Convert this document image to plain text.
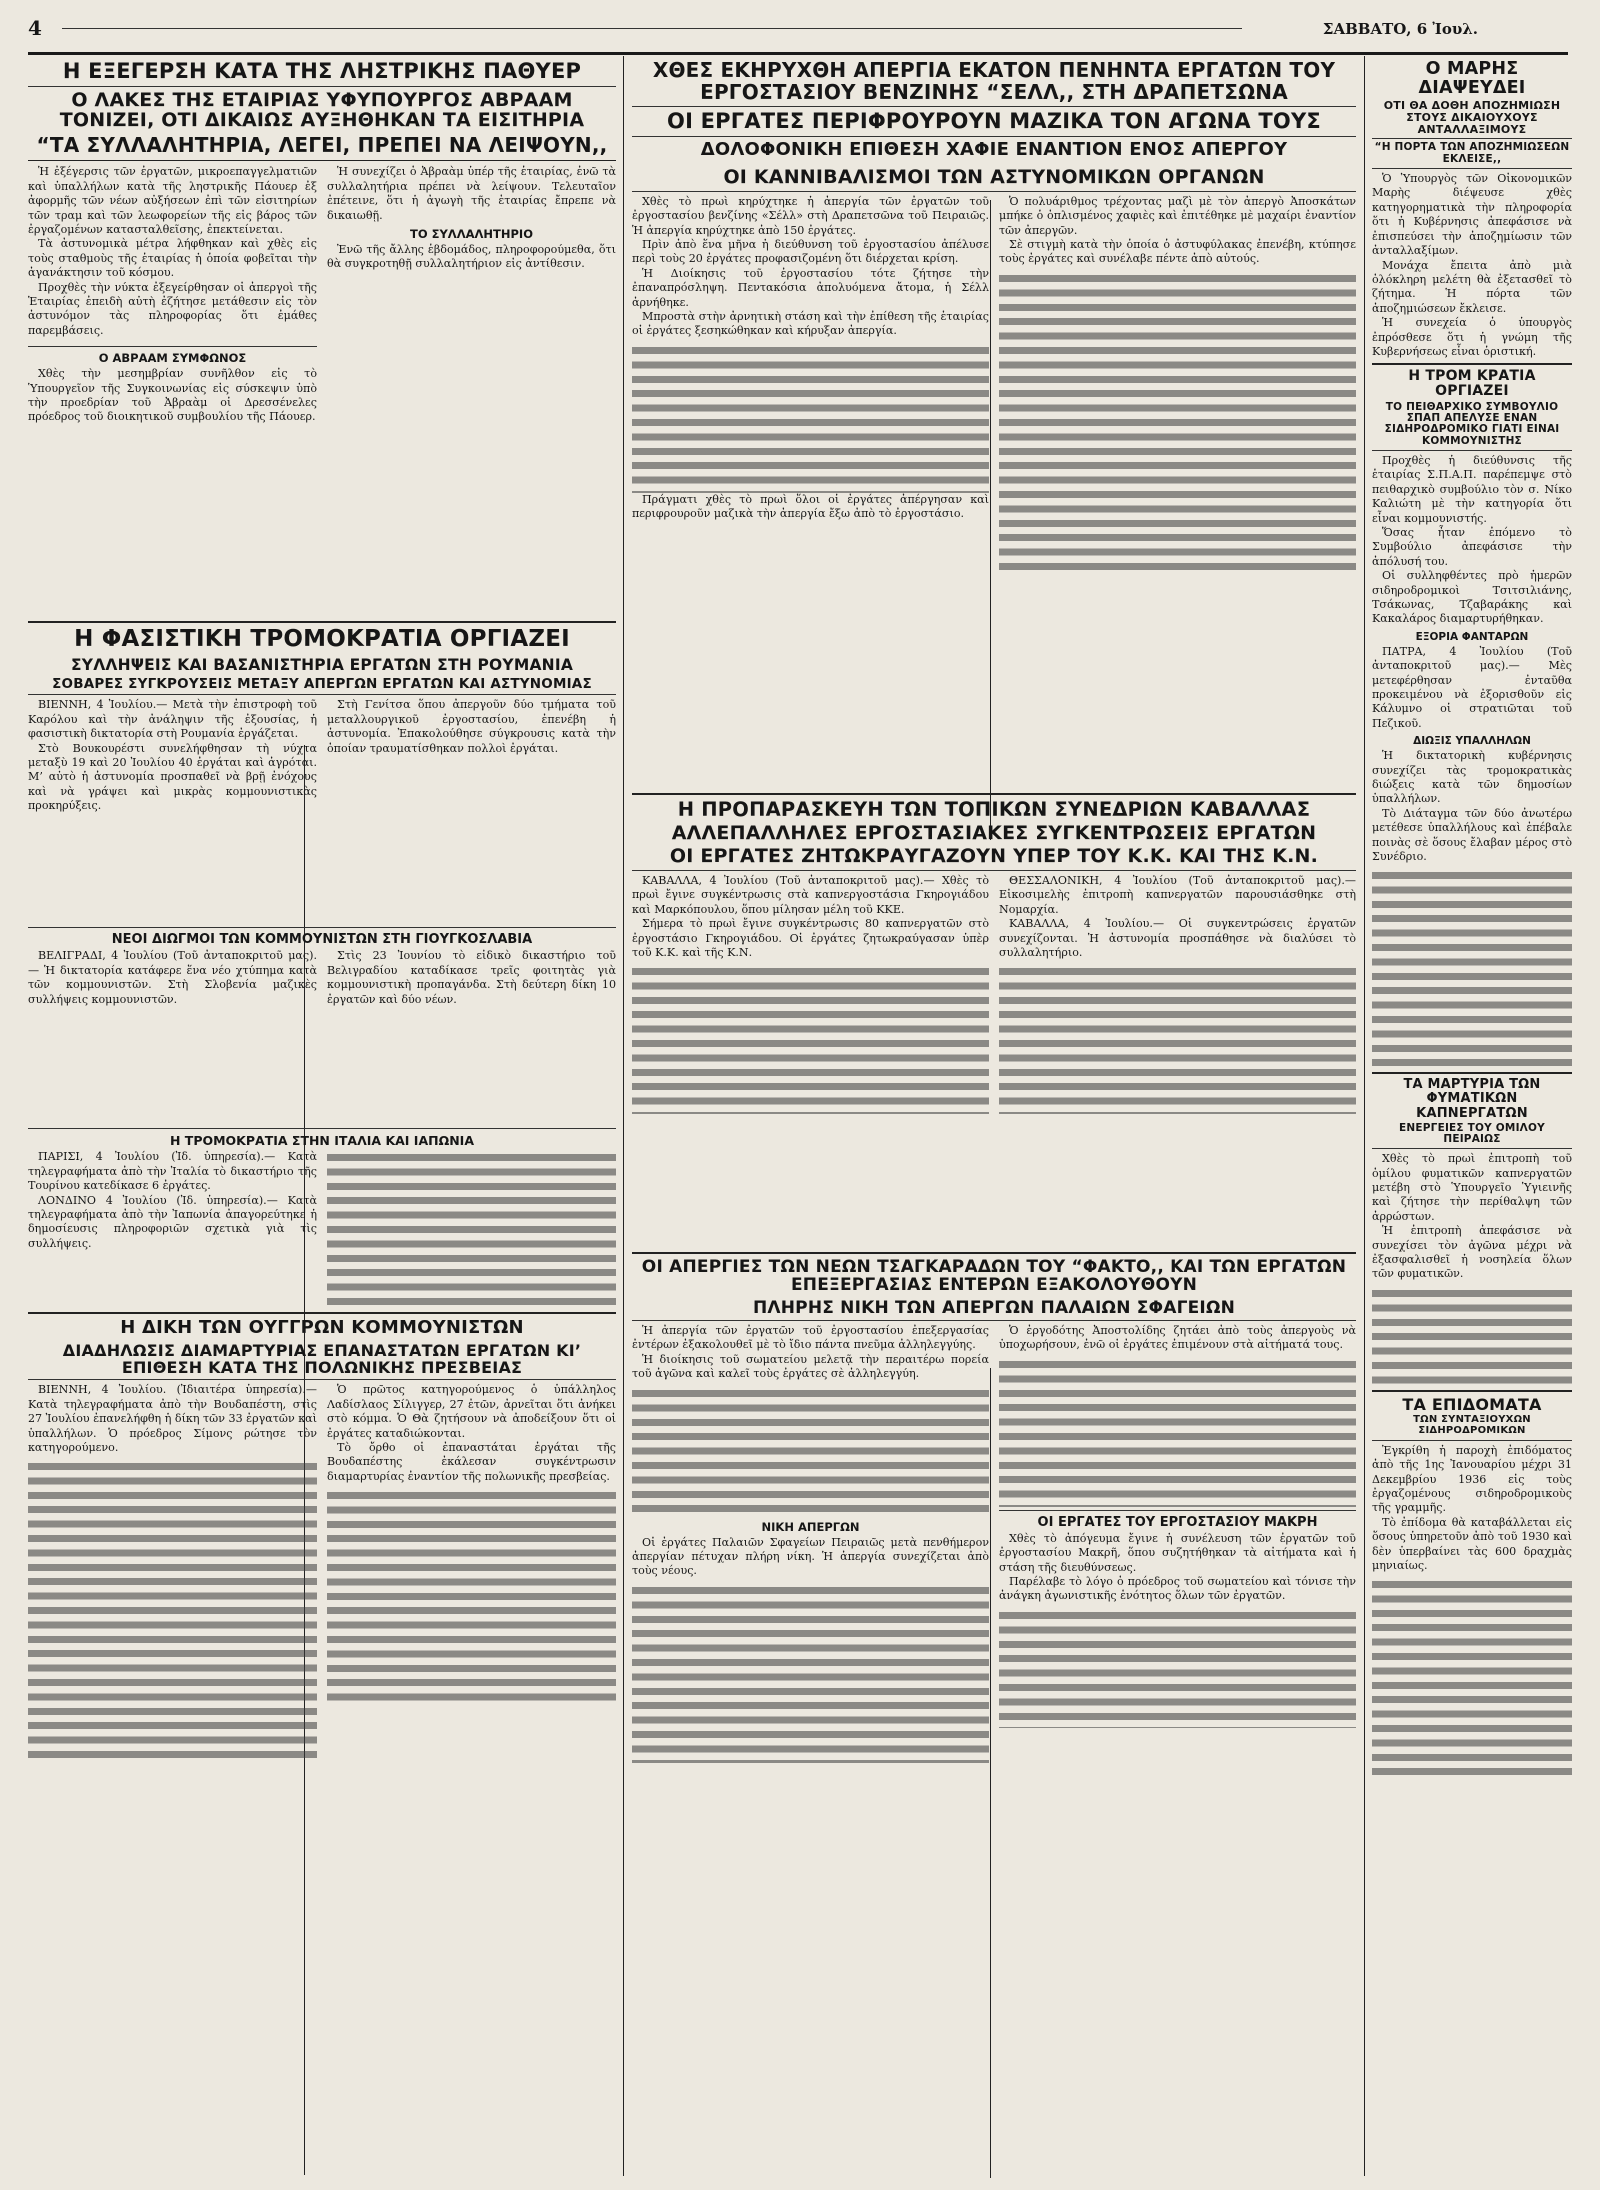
4	ΣΑΒΒΑΤΟ, 6 Ἰουλ.

Η ΕΞΕΓΕΡΣΗ ΚΑΤΑ ΤΗΣ ΛΗΣΤΡΙΚΗΣ ΠΑΘΥΕΡ

Ο ΛΑΚΕΣ ΤΗΣ ΕΤΑΙΡΙΑΣ ΥΦΥΠΟΥΡΓΟΣ ΑΒΡΑΑΜ ΤΟΝΙΖΕΙ, ΟΤΙ ΔΙΚΑΙΩΣ ΑΥΞΗΘΗΚΑΝ ΤΑ ΕΙΣΙΤΗΡΙΑ

“ΤΑ ΣΥΛΛΑΛΗΤΗΡΙΑ, ΛΕΓΕΙ, ΠΡΕΠΕΙ ΝΑ ΛΕΙΨΟΥΝ,,

Ἡ ἐξέγερσις τῶν ἐργατῶν, μικροεπαγγελματιῶν καὶ ὑπαλλήλων κατὰ τῆς ληστρικῆς Πάουερ ἐξ ἀφορμῆς τῶν νέων αὐξήσεων ἐπὶ τῶν εἰσιτηρίων τῶν τραμ καὶ τῶν λεωφορείων τῆς εἰς βάρος τῶν ἐργαζομένων κατασταλθεῖσης, ἐπεκτείνεται.

Τὰ ἀστυνομικὰ μέτρα λήφθηκαν καὶ χθὲς εἰς τοὺς σταθμοὺς τῆς ἑταιρίας ἡ ὁποία φοβεῖται τὴν ἀγανάκτησιν τοῦ κόσμου.

Προχθὲς τὴν νύκτα ἐξεγείρθησαν οἱ ἀπεργοὶ τῆς Ἑταιρίας ἐπειδὴ αὐτὴ ἐζήτησε μετάθεσιν εἰς τὸν ἀστυνόμον τὰς πληροφορίας ὅτι ἐμάθες παρεμβάσεις.

Ο ΑΒΡΑΑΜ ΣΥΜΦΩΝΟΣ

Χθὲς τὴν μεσημβρίαν συνῆλθον εἰς τὸ Ὑπουργεῖον τῆς Συγκοινωνίας εἰς σύσκεψιν ὑπὸ τὴν προεδρίαν τοῦ Ἀβραὰμ οἱ Δρεσσένελες πρόεδρος τοῦ διοικητικοῦ συμβουλίου τῆς Πάουερ.

Ἡ συνεχίζει ὁ Ἀβραὰμ ὑπέρ τῆς ἑταιρίας, ἐνῶ τὰ συλλαλητήρια πρέπει νὰ λείψουν. Τελευταῖον ἐπέτεινε, ὅτι ἡ ἀγωγὴ τῆς ἑταιρίας ἔπρεπε νὰ δικαιωθῇ.

ΤΟ ΣΥΛΛΑΛΗΤΗΡΙΟ

Ἐνῶ τῆς ἄλλης ἑβδομάδος, πληροφορούμεθα, ὅτι θὰ συγκροτηθῇ συλλαλητήριον εἰς ἀντίθεσιν.

Η ΦΑΣΙΣΤΙΚΗ ΤΡΟΜΟΚΡΑΤΙΑ ΟΡΓΙΑΖΕΙ

ΣΥΛΛΗΨΕΙΣ ΚΑΙ ΒΑΣΑΝΙΣΤΗΡΙΑ ΕΡΓΑΤΩΝ ΣΤΗ ΡΟΥΜΑΝΙΑ

ΣΟΒΑΡΕΣ ΣΥΓΚΡΟΥΣΕΙΣ ΜΕΤΑΞΥ ΑΠΕΡΓΩΝ ΕΡΓΑΤΩΝ ΚΑΙ ΑΣΤΥΝΟΜΙΑΣ

ΒΙΕΝΝΗ, 4 Ἰουλίου.— Μετὰ τὴν ἐπιστροφὴ τοῦ Καρόλου καὶ τὴν ἀνάληψιν τῆς ἐξουσίας, ἡ φασιστικὴ δικτατορία στὴ Ρουμανία ἐργάζεται.

Στὸ Βουκουρέστι συνελήφθησαν τὴ νύχτα μεταξὺ 19 καὶ 20 Ἰουλίου 40 ἐργάται καὶ ἀγρόται. Μ’ αὐτὸ ἡ ἀστυνομία προσπαθεῖ νὰ βρῇ ἐνόχους καὶ νὰ γράψει καὶ μικρὰς κομμουνιστικὰς προκηρύξεις.

Στὴ Γενίτσα ὅπου ἀπεργοῦν δύο τμήματα τοῦ μεταλλουργικοῦ ἐργοστασίου, ἐπενέβη ἡ ἀστυνομία. Ἐπακολούθησε σύγκρουσις κατὰ τὴν ὁποίαν τραυματίσθηκαν πολλοὶ ἐργάται.

ΝΕΟΙ ΔΙΩΓΜΟΙ ΤΩΝ ΚΟΜΜΟΥΝΙΣΤΩΝ ΣΤΗ ΓΙΟΥΓΚΟΣΛΑΒΙΑ

ΒΕΛΙΓΡΑΔΙ, 4 Ἰουλίου (Τοῦ ἀνταποκριτοῦ μας).— Ἡ δικτατορία κατάφερε ἕνα νέο χτύπημα κατὰ τῶν κομμουνιστῶν. Στὴ Σλοβενία μαζικὲς συλλήψεις κομμουνιστῶν.

Στὶς 23 Ἰουνίου τὸ εἰδικὸ δικαστήριο τοῦ Βελιγραδίου καταδίκασε τρεῖς φοιτητὰς γιὰ κομμουνιστικὴ προπαγάνδα. Στὴ δεύτερη δίκη 10 ἐργατῶν καὶ δύο νέων.

Η ΤΡΟΜΟΚΡΑΤΙΑ ΣΤΗΝ ΙΤΑΛΙΑ ΚΑΙ ΙΑΠΩΝΙΑ

ΠΑΡΙΣΙ, 4 Ἰουλίου (Ἰδ. ὑπηρεσία).— Κατὰ τηλεγραφήματα ἀπὸ τὴν Ἰταλία τὸ δικαστήριο τῆς Τουρίνου κατεδίκασε 6 ἐργάτες.

ΛΟΝΔΙΝΟ 4 Ἰουλίου (Ἰδ. ὑπηρεσία).— Κατὰ τηλεγραφήματα ἀπὸ τὴν Ἰαπωνία ἀπαγορεύτηκε ἡ δημοσίευσις πληροφοριῶν σχετικὰ γιὰ τὶς συλλήψεις.

Η ΔΙΚΗ ΤΩΝ ΟΥΓΓΡΩΝ ΚΟΜΜΟΥΝΙΣΤΩΝ

ΔΙΑΔΗΛΩΣΙΣ ΔΙΑΜΑΡΤΥΡΙΑΣ ΕΠΑΝΑΣΤΑΤΩΝ ΕΡΓΑΤΩΝ ΚΙ’ ΕΠΙΘΕΣΗ ΚΑΤΑ ΤΗΣ ΠΟΛΩΝΙΚΗΣ ΠΡΕΣΒΕΙΑΣ

ΒΙΕΝΝΗ, 4 Ἰουλίου. (Ἰδιαιτέρα ὑπηρεσία).— Κατὰ τηλεγραφήματα ἀπὸ τὴν Βουδαπέστη, στὶς 27 Ἰουλίου ἐπανελήφθη ἡ δίκη τῶν 33 ἐργατῶν καὶ ὑπαλλήλων. Ὁ πρόεδρος Σίμονς ρώτησε τὸν κατηγορούμενο.

Ὁ πρῶτος κατηγορούμενος ὁ ὑπάλληλος Λαδίσλαος Σίλιγγερ, 27 ἐτῶν, ἀρνεῖται ὅτι ἀνήκει στὸ κόμμα. Ὁ Θὰ ζητήσουν νὰ ἀποδείξουν ὅτι οἱ ἐργάτες καταδιώκονται.

Τὸ ὄρθο οἱ ἐπαναστάται ἐργάται τῆς Βουδαπέστης ἐκάλεσαν συγκέντρωσιν διαμαρτυρίας ἐναντίον τῆς πολωνικῆς πρεσβείας.

ΧΘΕΣ ΕΚΗΡΥΧΘΗ ΑΠΕΡΓΙΑ ΕΚΑΤΟΝ ΠΕΝΗΝΤΑ ΕΡΓΑΤΩΝ ΤΟΥ ΕΡΓΟΣΤΑΣΙΟΥ ΒΕΝΖΙΝΗΣ “ΣΕΛΛ,, ΣΤΗ ΔΡΑΠΕΤΣΩΝΑ

ΟΙ ΕΡΓΑΤΕΣ ΠΕΡΙΦΡΟΥΡΟΥΝ ΜΑΖΙΚΑ ΤΟΝ ΑΓΩΝΑ ΤΟΥΣ

ΔΟΛΟΦΟΝΙΚΗ ΕΠΙΘΕΣΗ ΧΑΦΙΕ ΕΝΑΝΤΙΟΝ ΕΝΟΣ ΑΠΕΡΓΟΥ

ΟΙ ΚΑΝΝΙΒΑΛΙΣΜΟΙ ΤΩΝ ΑΣΤΥΝΟΜΙΚΩΝ ΟΡΓΑΝΩΝ

Χθὲς τὸ πρωὶ κηρύχτηκε ἡ ἀπεργία τῶν ἐργατῶν τοῦ ἐργοστασίου βενζίνης «Σέλλ» στὴ Δραπετσῶνα τοῦ Πειραιῶς. Ἡ ἀπεργία κηρύχτηκε ἀπὸ 150 ἐργάτες.

Πρὶν ἀπὸ ἕνα μῆνα ἡ διεύθυνση τοῦ ἐργοστασίου ἀπέλυσε περὶ τοὺς 20 ἐργάτες προφασιζομένη ὅτι διέρχεται κρίση.

Ἡ Διοίκησις τοῦ ἐργοστασίου τότε ζήτησε τὴν ἐπαναπρόσληψη. Πεντακόσια ἀπολυόμενα ἄτομα, ἡ Σέλλ ἀρνήθηκε.

Μπροστὰ στὴν ἀρνητικὴ στάση καὶ τὴν ἐπίθεση τῆς ἑταιρίας οἱ ἐργάτες ξεσηκώθηκαν καὶ κήρυξαν ἀπεργία.

Πράγματι χθὲς τὸ πρωὶ ὅλοι οἱ ἐργάτες ἀπέργησαν καὶ περιφρουροῦν μαζικὰ τὴν ἀπεργία ἔξω ἀπὸ τὸ ἐργοστάσιο.

Ὁ πολυάριθμος τρέχοντας μαζὶ μὲ τὸν ἀπεργὸ Ἀποσκάτων μπήκε ὁ ὁπλισμένος χαφιὲς καὶ ἐπιτέθηκε μὲ μαχαίρι ἐναντίον τῶν ἀπεργῶν.

Σὲ στιγμὴ κατὰ τὴν ὁποία ὁ ἀστυφύλακας ἐπενέβη, κτύπησε τοὺς ἐργάτες καὶ συνέλαβε πέντε ἀπὸ αὐτούς.

Η ΠΡΟΠΑΡΑΣΚΕΥΗ ΤΩΝ ΤΟΠΙΚΩΝ ΣΥΝΕΔΡΙΩΝ ΚΑΒΑΛΛΑΣ

ΑΛΛΕΠΑΛΛΗΛΕΣ ΕΡΓΟΣΤΑΣΙΑΚΕΣ ΣΥΓΚΕΝΤΡΩΣΕΙΣ ΕΡΓΑΤΩΝ

ΟΙ ΕΡΓΑΤΕΣ ΖΗΤΩΚΡΑΥΓΑΖΟΥΝ ΥΠΕΡ ΤΟΥ Κ.Κ. ΚΑΙ ΤΗΣ Κ.Ν.

ΚΑΒΑΛΛΑ, 4 Ἰουλίου (Τοῦ ἀνταποκριτοῦ μας).— Χθὲς τὸ πρωὶ ἔγινε συγκέντρωσις στὰ καπνεργοστάσια Γκηρογιάδου καὶ Μαρκόπουλου, ὅπου μίλησαν μέλη τοῦ ΚΚΕ.

Σήμερα τὸ πρωὶ ἔγινε συγκέντρωσις 80 καπνεργατῶν στὸ ἐργοστάσιο Γκηρογιάδου. Οἱ ἐργάτες ζητωκραύγασαν ὑπὲρ τοῦ Κ.Κ. καὶ τῆς Κ.Ν.

ΘΕΣΣΑΛΟΝΙΚΗ, 4 Ἰουλίου (Τοῦ ἀνταποκριτοῦ μας).— Εἰκοσιμελὴς ἐπιτροπὴ καπνεργατῶν παρουσιάσθηκε στὴ Νομαρχία.

ΚΑΒΑΛΛΑ, 4 Ἰουλίου.— Οἱ συγκεντρώσεις ἐργατῶν συνεχίζονται. Ἡ ἀστυνομία προσπάθησε νὰ διαλύσει τὸ συλλαλητήριο.

ΟΙ ΑΠΕΡΓΙΕΣ ΤΩΝ ΝΕΩΝ ΤΣΑΓΚΑΡΑΔΩΝ ΤΟΥ “ΦΑΚΤΟ,, ΚΑΙ ΤΩΝ ΕΡΓΑΤΩΝ ΕΠΕΞΕΡΓΑΣΙΑΣ ΕΝΤΕΡΩΝ ΕΞΑΚΟΛΟΥΘΟΥΝ

ΠΛΗΡΗΣ ΝΙΚΗ ΤΩΝ ΑΠΕΡΓΩΝ ΠΑΛΑΙΩΝ ΣΦΑΓΕΙΩΝ

Ἡ ἀπεργία τῶν ἐργατῶν τοῦ ἐργοστασίου ἐπεξεργασίας ἐντέρων ἐξακολουθεῖ μὲ τὸ ἴδιο πάντα πνεῦμα ἀλληλεγγύης.

Ἡ διοίκησις τοῦ σωματείου μελετᾷ τὴν περαιτέρω πορεία τοῦ ἀγῶνα καὶ καλεῖ τοὺς ἐργάτες σὲ ἀλληλεγγύη.

ΝΙΚΗ ΑΠΕΡΓΩΝ

Οἱ ἐργάτες Παλαιῶν Σφαγείων Πειραιῶς μετὰ πενθήμερον ἀπεργίαν πέτυχαν πλήρη νίκη. Ἡ ἀπεργία συνεχίζεται ἀπὸ τοὺς νέους.

Ὁ ἐργοδότης Ἀποστολίδης ζητάει ἀπὸ τοὺς ἀπεργοὺς νὰ ὑποχωρήσουν, ἐνῶ οἱ ἐργάτες ἐπιμένουν στὰ αἰτήματά τους.

ΟΙ ΕΡΓΑΤΕΣ ΤΟΥ ΕΡΓΟΣΤΑΣΙΟΥ ΜΑΚΡΗ

Χθὲς τὸ ἀπόγευμα ἔγινε ἡ συνέλευση τῶν ἐργατῶν τοῦ ἐργοστασίου Μακρῆ, ὅπου συζητήθηκαν τὰ αἰτήματα καὶ ἡ στάση τῆς διευθύνσεως.

Παρέλαβε τὸ λόγο ὁ πρόεδρος τοῦ σωματείου καὶ τόνισε τὴν ἀνάγκη ἀγωνιστικῆς ἑνότητος ὅλων τῶν ἐργατῶν.

Ο ΜΑΡΗΣ ΔΙΑΨΕΥΔΕΙ

ΟΤΙ ΘΑ ΔΟΘΗ ΑΠΟΖΗΜΙΩΣΗ ΣΤΟΥΣ ΔΙΚΑΙΟΥΧΟΥΣ ΑΝΤΑΛΛΑΞΙΜΟΥΣ

“Η ΠΟΡΤΑ ΤΩΝ ΑΠΟΖΗΜΙΩΣΕΩΝ ΕΚΛΕΙΣΕ,,

Ὁ Ὑπουργὸς τῶν Οἰκονομικῶν Μαρὴς διέψευσε χθὲς κατηγορηματικὰ τὴν πληροφορία ὅτι ἡ Κυβέρνησις ἀπεφάσισε νὰ ἐπισπεύσει τὴν ἀποζημίωσιν τῶν ἀνταλλαξίμων.

Μονάχα ἔπειτα ἀπὸ μιὰ ὁλόκληρη μελέτη θὰ ἐξετασθεῖ τὸ ζήτημα. Ἡ πόρτα τῶν ἀποζημιώσεων ἔκλεισε.

Ἡ συνεχεία ὁ ὑπουργὸς ἐπρόσθεσε ὅτι ἡ γνώμη τῆς Κυβερνήσεως εἶναι ὁριστική.

Η ΤΡΟΜ ΚΡΑΤΙΑ ΟΡΓΙΑΖΕΙ

ΤΟ ΠΕΙΘΑΡΧΙΚΟ ΣΥΜΒΟΥΛΙΟ ΣΠΑΠ ΑΠΕΛΥΣΕ ΕΝΑΝ ΣΙΔΗΡΟΔΡΟΜΙΚΟ ΓΙΑΤΙ ΕΙΝΑΙ ΚΟΜΜΟΥΝΙΣΤΗΣ

Προχθὲς ἡ διεύθυνσις τῆς ἑταιρίας Σ.Π.Α.Π. παρέπεμψε στὸ πειθαρχικὸ συμβούλιο τὸν σ. Νίκο Καλιώτη μὲ τὴν κατηγορία ὅτι εἶναι κομμουνιστής.

Ὅσας ἦταν ἐπόμενο τὸ Συμβούλιο ἀπεφάσισε τὴν ἀπόλυσή του.

Οἱ συλληφθέντες πρὸ ἡμερῶν σιδηροδρομικοὶ Τσιτσιλιάνης, Τσάκωνας, Τζαβαράκης καὶ Κακαλάρος διαμαρτυρήθηκαν.

ΕΞΟΡΙΑ ΦΑΝΤΑΡΩΝ

ΠΑΤΡΑ, 4 Ἰουλίου (Τοῦ ἀνταποκριτοῦ μας).— Μὲς μετεφέρθησαν ἐνταῦθα προκειμένου νὰ ἐξορισθοῦν εἰς Κάλυμνο οἱ στρατιῶται τοῦ Πεζικοῦ.

ΔΙΩΞΙΣ ΥΠΑΛΛΗΛΩΝ

Ἡ δικτατορικὴ κυβέρνησις συνεχίζει τὰς τρομοκρατικὰς διώξεις κατὰ τῶν δημοσίων ὑπαλλήλων.

Τὸ Διάταγμα τῶν δύο ἀνωτέρω μετέθεσε ὑπαλλήλους καὶ ἐπέβαλε ποινὰς σὲ ὅσους ἔλαβαν μέρος στὸ Συνέδριο.

ΤΑ ΜΑΡΤΥΡΙΑ ΤΩΝ ΦΥΜΑΤΙΚΩΝ ΚΑΠΝΕΡΓΑΤΩΝ

ΕΝΕΡΓΕΙΕΣ ΤΟΥ ΟΜΙΛΟΥ ΠΕΙΡΑΙΩΣ

Χθὲς τὸ πρωὶ ἐπιτροπὴ τοῦ ὁμίλου φυματικῶν καπνεργατῶν μετέβη στὸ Ὑπουργεῖο Ὑγιεινῆς καὶ ζήτησε τὴν περίθαλψη τῶν ἀρρώστων.

Ἡ ἐπιτροπὴ ἀπεφάσισε νὰ συνεχίσει τὸν ἀγῶνα μέχρι νὰ ἐξασφαλισθεῖ ἡ νοσηλεία ὅλων τῶν φυματικῶν.

ΤΑ ΕΠΙΔΟΜΑΤΑ

ΤΩΝ ΣΥΝΤΑΞΙΟΥΧΩΝ ΣΙΔΗΡΟΔΡΟΜΙΚΩΝ

Ἐγκρίθη ἡ παροχὴ ἐπιδόματος ἀπὸ τῆς 1ης Ἰανουαρίου μέχρι 31 Δεκεμβρίου 1936 εἰς τοὺς ἐργαζομένους σιδηροδρομικοὺς τῆς γραμμῆς.

Τὸ ἐπίδομα θὰ καταβάλλεται εἰς ὅσους ὑπηρετοῦν ἀπὸ τοῦ 1930 καὶ δὲν ὑπερβαίνει τὰς 600 δραχμὰς μηνιαίως.
